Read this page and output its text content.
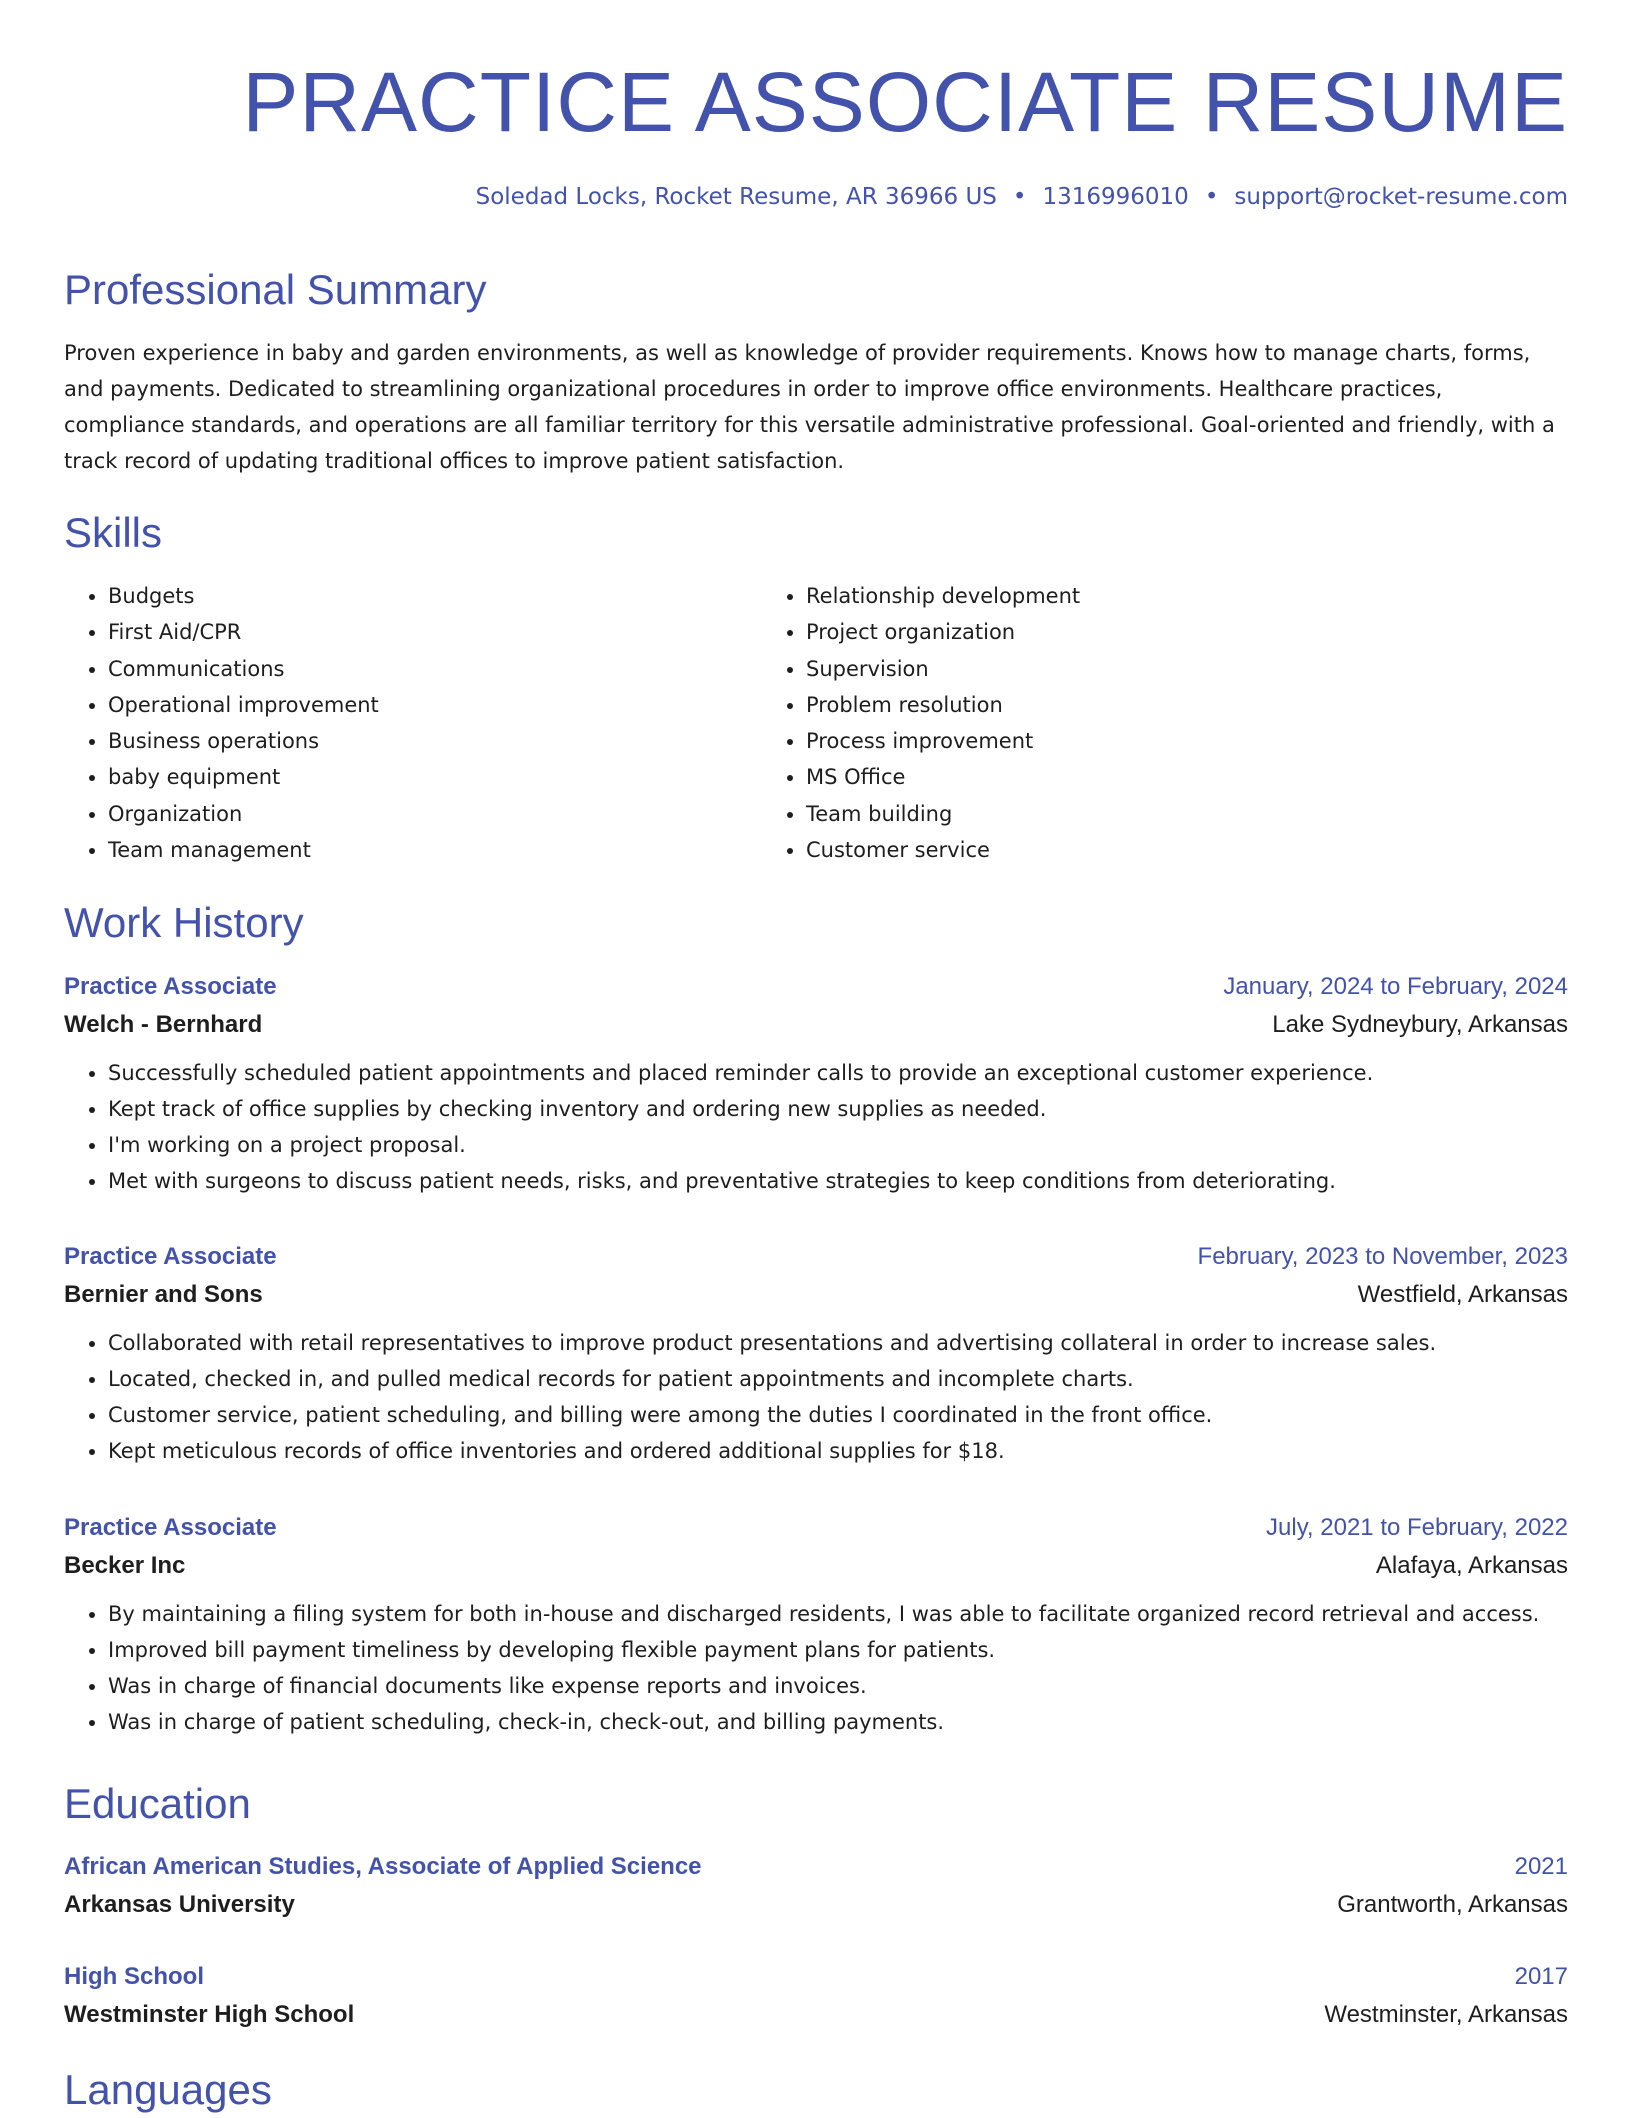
PRACTICE ASSOCIATE RESUME
Soledad Locks, Rocket Resume, AR 36966 US • 1316996010 • support@rocket-resume.com
Professional Summary

Proven experience in baby and garden environments, as well as knowledge of provider requirements. Knows how to manage charts, forms, and payments. Dedicated to streamlining organizational procedures in order to improve office environments. Healthcare practices, compliance standards, and operations are all familiar territory for this versatile administrative professional. Goal-oriented and friendly, with a track record of updating traditional offices to improve patient satisfaction.

Skills
• Budgets
• First Aid/CPR
• Communications
• Operational improvement
• Business operations
• baby equipment
• Organization
• Team management
• Relationship development
• Project organization
• Supervision
• Problem resolution
• Process improvement
• MS Office
• Team building
• Customer service
Work History
Practice Associate	January, 2024 to February, 2024
Welch - Bernhard	Lake Sydneybury, Arkansas
• Successfully scheduled patient appointments and placed reminder calls to provide an exceptional customer experience.
• Kept track of office supplies by checking inventory and ordering new supplies as needed.
• I'm working on a project proposal.
• Met with surgeons to discuss patient needs, risks, and preventative strategies to keep conditions from deteriorating.
Practice Associate	February, 2023 to November, 2023
Bernier and Sons	Westfield, Arkansas
• Collaborated with retail representatives to improve product presentations and advertising collateral in order to increase sales.
• Located, checked in, and pulled medical records for patient appointments and incomplete charts.
• Customer service, patient scheduling, and billing were among the duties I coordinated in the front office.
• Kept meticulous records of office inventories and ordered additional supplies for $18.
Practice Associate	July, 2021 to February, 2022
Becker Inc	Alafaya, Arkansas
• By maintaining a filing system for both in-house and discharged residents, I was able to facilitate organized record retrieval and access.
• Improved bill payment timeliness by developing flexible payment plans for patients.
• Was in charge of financial documents like expense reports and invoices.
• Was in charge of patient scheduling, check-in, check-out, and billing payments.
Education
African American Studies, Associate of Applied Science	2021
Arkansas University	Grantworth, Arkansas
High School	2017
Westminster High School	Westminster, Arkansas
Languages
